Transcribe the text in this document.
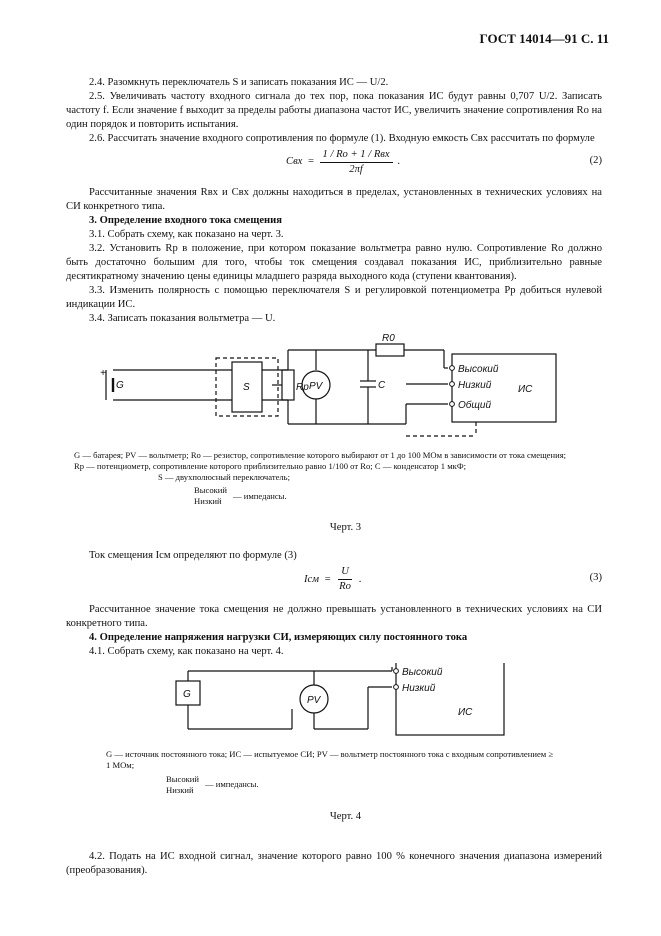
ГОСТ 14014—91 С. 11

2.4. Разомкнуть переключатель S и записать показания ИС — U/2.

2.5. Увеличивать частоту входного сигнала до тех пор, пока показания ИС будут равны 0,707 U/2. Записать частоту f. Если значение f выходит за пределы работы диапазона частот ИС, увеличить значение сопротивления Rо на один порядок и повторить испытания.

2.6. Рассчитать значение входного сопротивления по формуле (1). Входную емкость Cвх рассчитать по формуле

Cвх = $\frac{\text{1 / Rо + 1 / Rвх}}{2\pi f}$ .	(2)

Рассчитанные значения Rвх и Cвх должны находиться в пределах, установленных в технических условиях на СИ конкретного типа.

3. Определение входного тока смещения

3.1. Собрать схему, как показано на черт. 3.

3.2. Установить Rр в положение, при котором показание вольтметра равно нулю. Сопротивление Rо должно быть достаточно большим для того, чтобы ток смещения создавал показания ИС, приблизительно равные десятикратному значению цены единицы младшего разряда выходного кода (ступени квантования).

3.3. Изменить полярность с помощью переключателя S и регулировкой потенциометра Pр добиться нулевой индикации ИС.

3.4. Записать показания вольтметра — U.

G
+
S	Rр PV
R0
C
Высокий
Низкий
Общий
ИС

G — батарея; PV — вольтметр; Rо — резистор, сопротивление которого выбирают от 1 до 100 МОм в зависимости от тока смещения; Rр — потенциометр, сопротивление которого приблизительно равно 1/100 от Rо; C — конденсатор 1 мкФ;

S — двухполюсный переключатель;

Высокий
Низкий
— импедансы.

Черт. 3

Ток смещения Iсм определяют по формуле (3)

Iсм = $\frac{U}{Rо}$ .	(3)

Рассчитанное значение тока смещения не должно превышать установленного в технических условиях на СИ конкретного типа.

4. Определение напряжения нагрузки СИ, измеряющих силу постоянного тока

4.1. Собрать схему, как показано на черт. 4.

G
PV
Высокий
Низкий
ИС

G — источник постоянного тока; ИС — испытуемое СИ; PV — вольтметр постоянного тока с входным сопротивлением ≥ 1 МОм;

Высокий
Низкий
— импеданcы.

Черт. 4

4.2. Подать на ИС входной сигнал, значение которого равно 100 % конечного значения диапазона измерений (преобразования).
